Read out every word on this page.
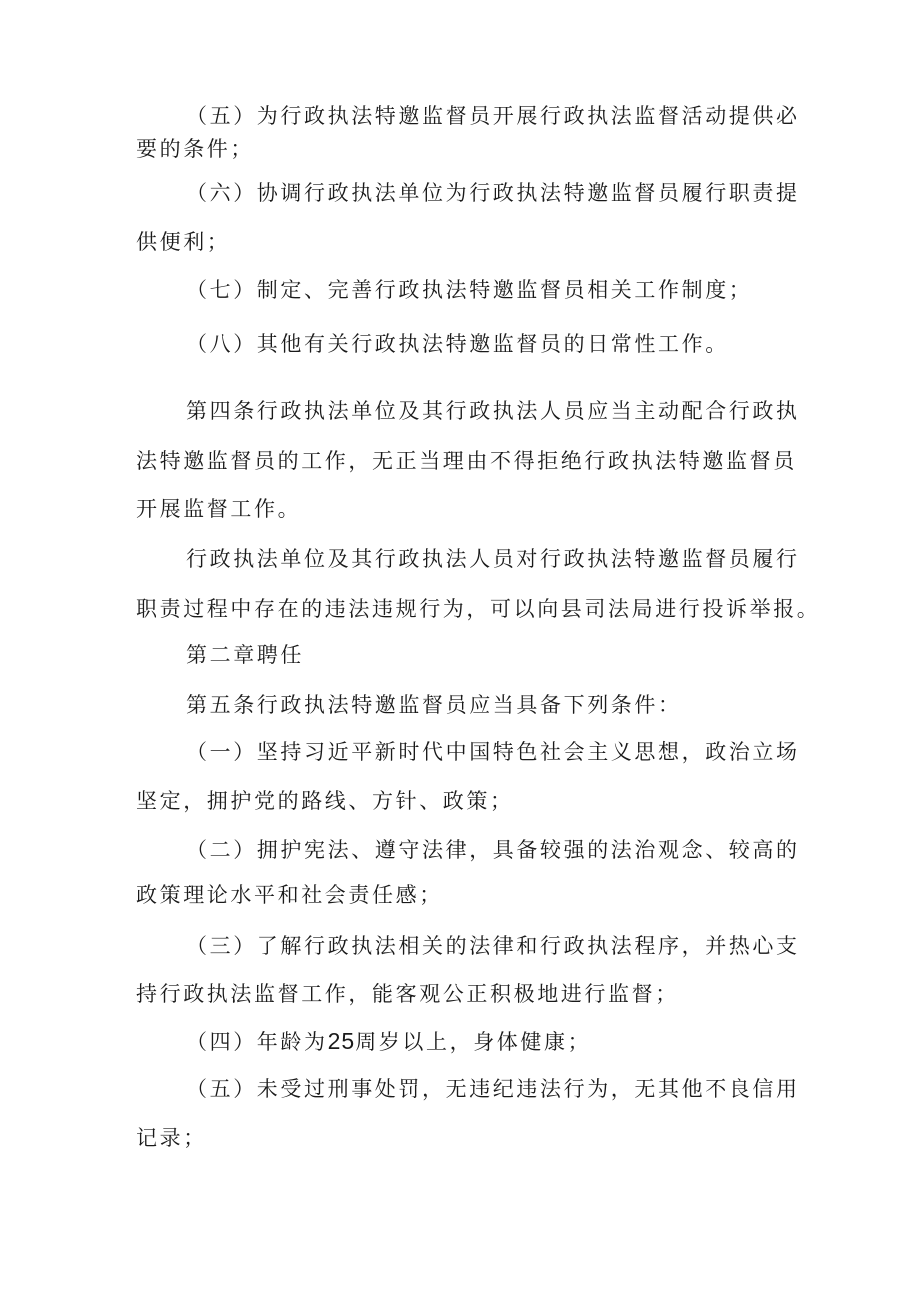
（五）为行政执法特邀监督员开展行政执法监督活动提供必
要的条件；
（六）协调行政执法单位为行政执法特邀监督员履行职责提
供便利；
（七）制定、完善行政执法特邀监督员相关工作制度；
（八）其他有关行政执法特邀监督员的日常性工作。
第四条行政执法单位及其行政执法人员应当主动配合行政执
法特邀监督员的工作，无正当理由不得拒绝行政执法特邀监督员
开展监督工作。
行政执法单位及其行政执法人员对行政执法特邀监督员履行
职责过程中存在的违法违规行为，可以向县司法局进行投诉举报。
第二章聘任
第五条行政执法特邀监督员应当具备下列条件：
（一）坚持习近平新时代中国特色社会主义思想，政治立场
坚定，拥护党的路线、方针、政策；
（二）拥护宪法、遵守法律，具备较强的法治观念、较高的
政策理论水平和社会责任感；
（三）了解行政执法相关的法律和行政执法程序，并热心支
持行政执法监督工作，能客观公正积极地进行监督；
（四）年龄为25周岁以上，身体健康；
（五）未受过刑事处罚，无违纪违法行为，无其他不良信用
记录；
